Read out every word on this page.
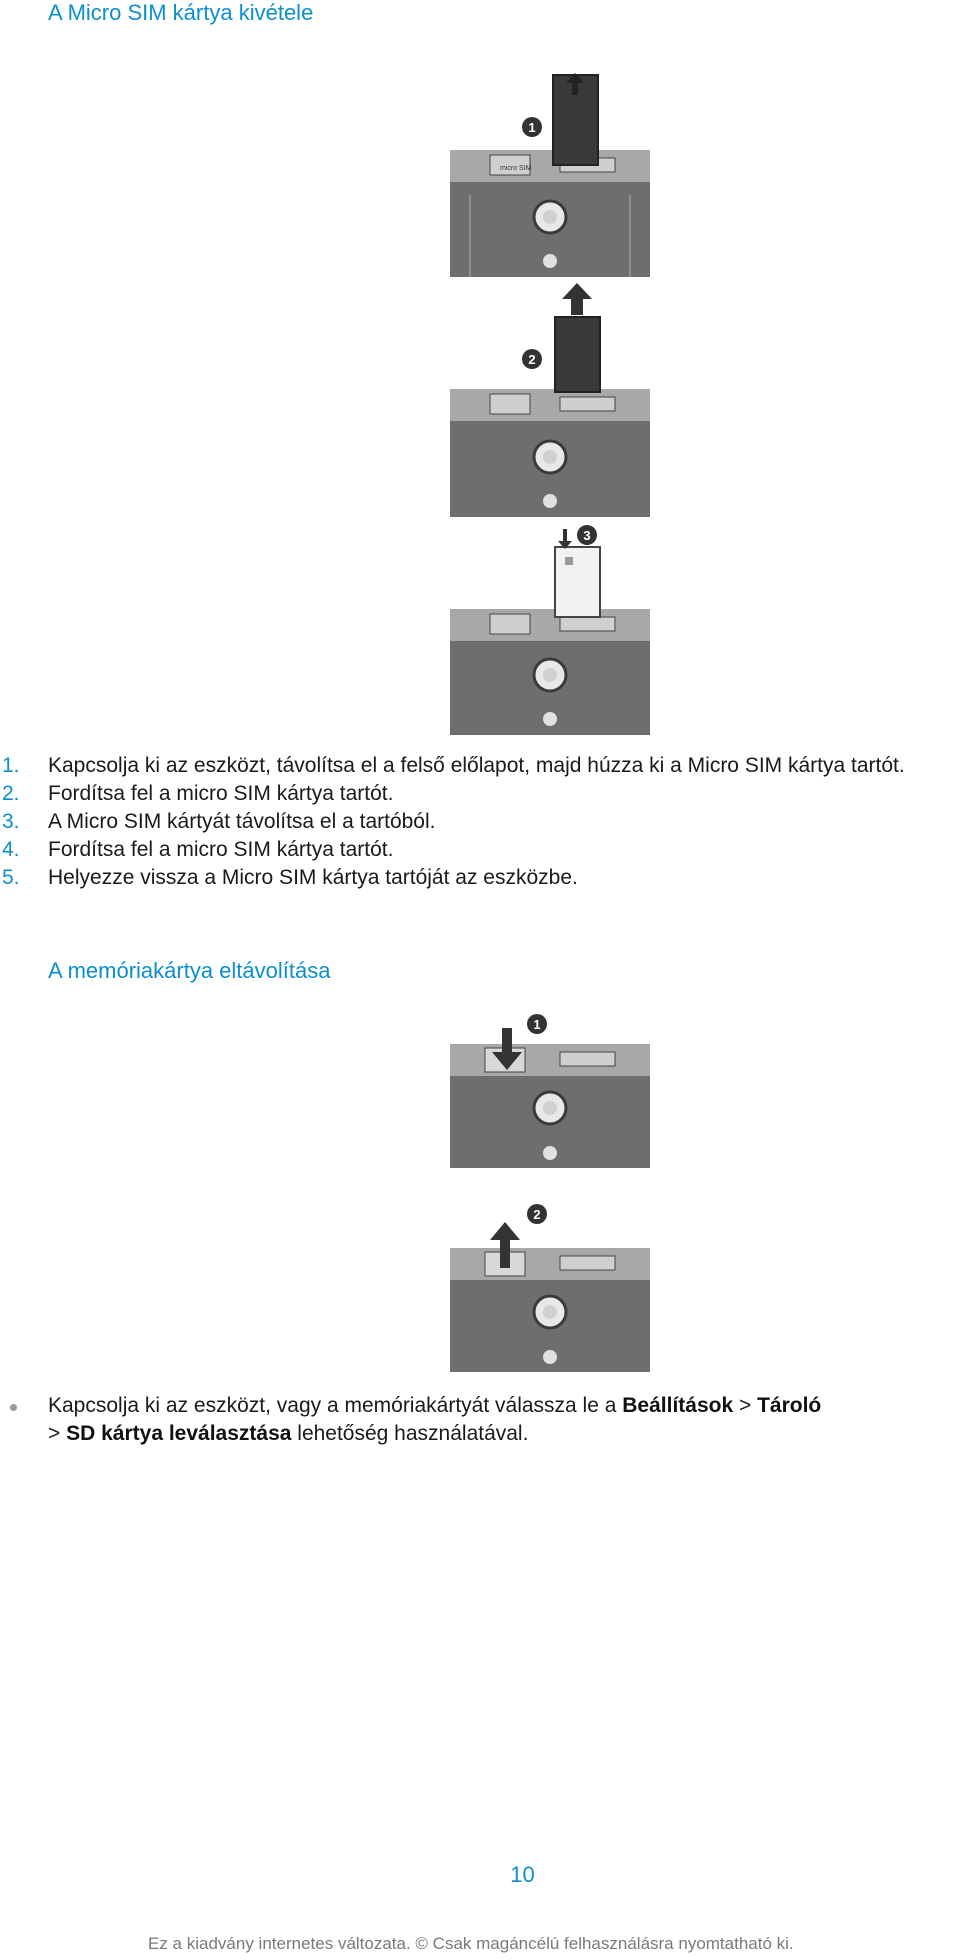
A Micro SIM kártya kivétele
micro SIM
1
2
3
1. Kapcsolja ki az eszközt, távolítsa el a felső előlapot, majd húzza ki a Micro SIM kártya tartót.
2. Fordítsa fel a micro SIM kártya tartót.
3. A Micro SIM kártyát távolítsa el a tartóból.
4. Fordítsa fel a micro SIM kártya tartót.
5. Helyezze vissza a Micro SIM kártya tartóját az eszközbe.
A memóriakártya eltávolítása
1
2
Kapcsolja ki az eszközt, vagy a memóriakártyát válassza le a Beállítások > Tároló
> SD kártya leválasztása lehetőség használatával.
10
Ez a kiadvány internetes változata. © Csak magáncélú felhasználásra nyomtatható ki.
